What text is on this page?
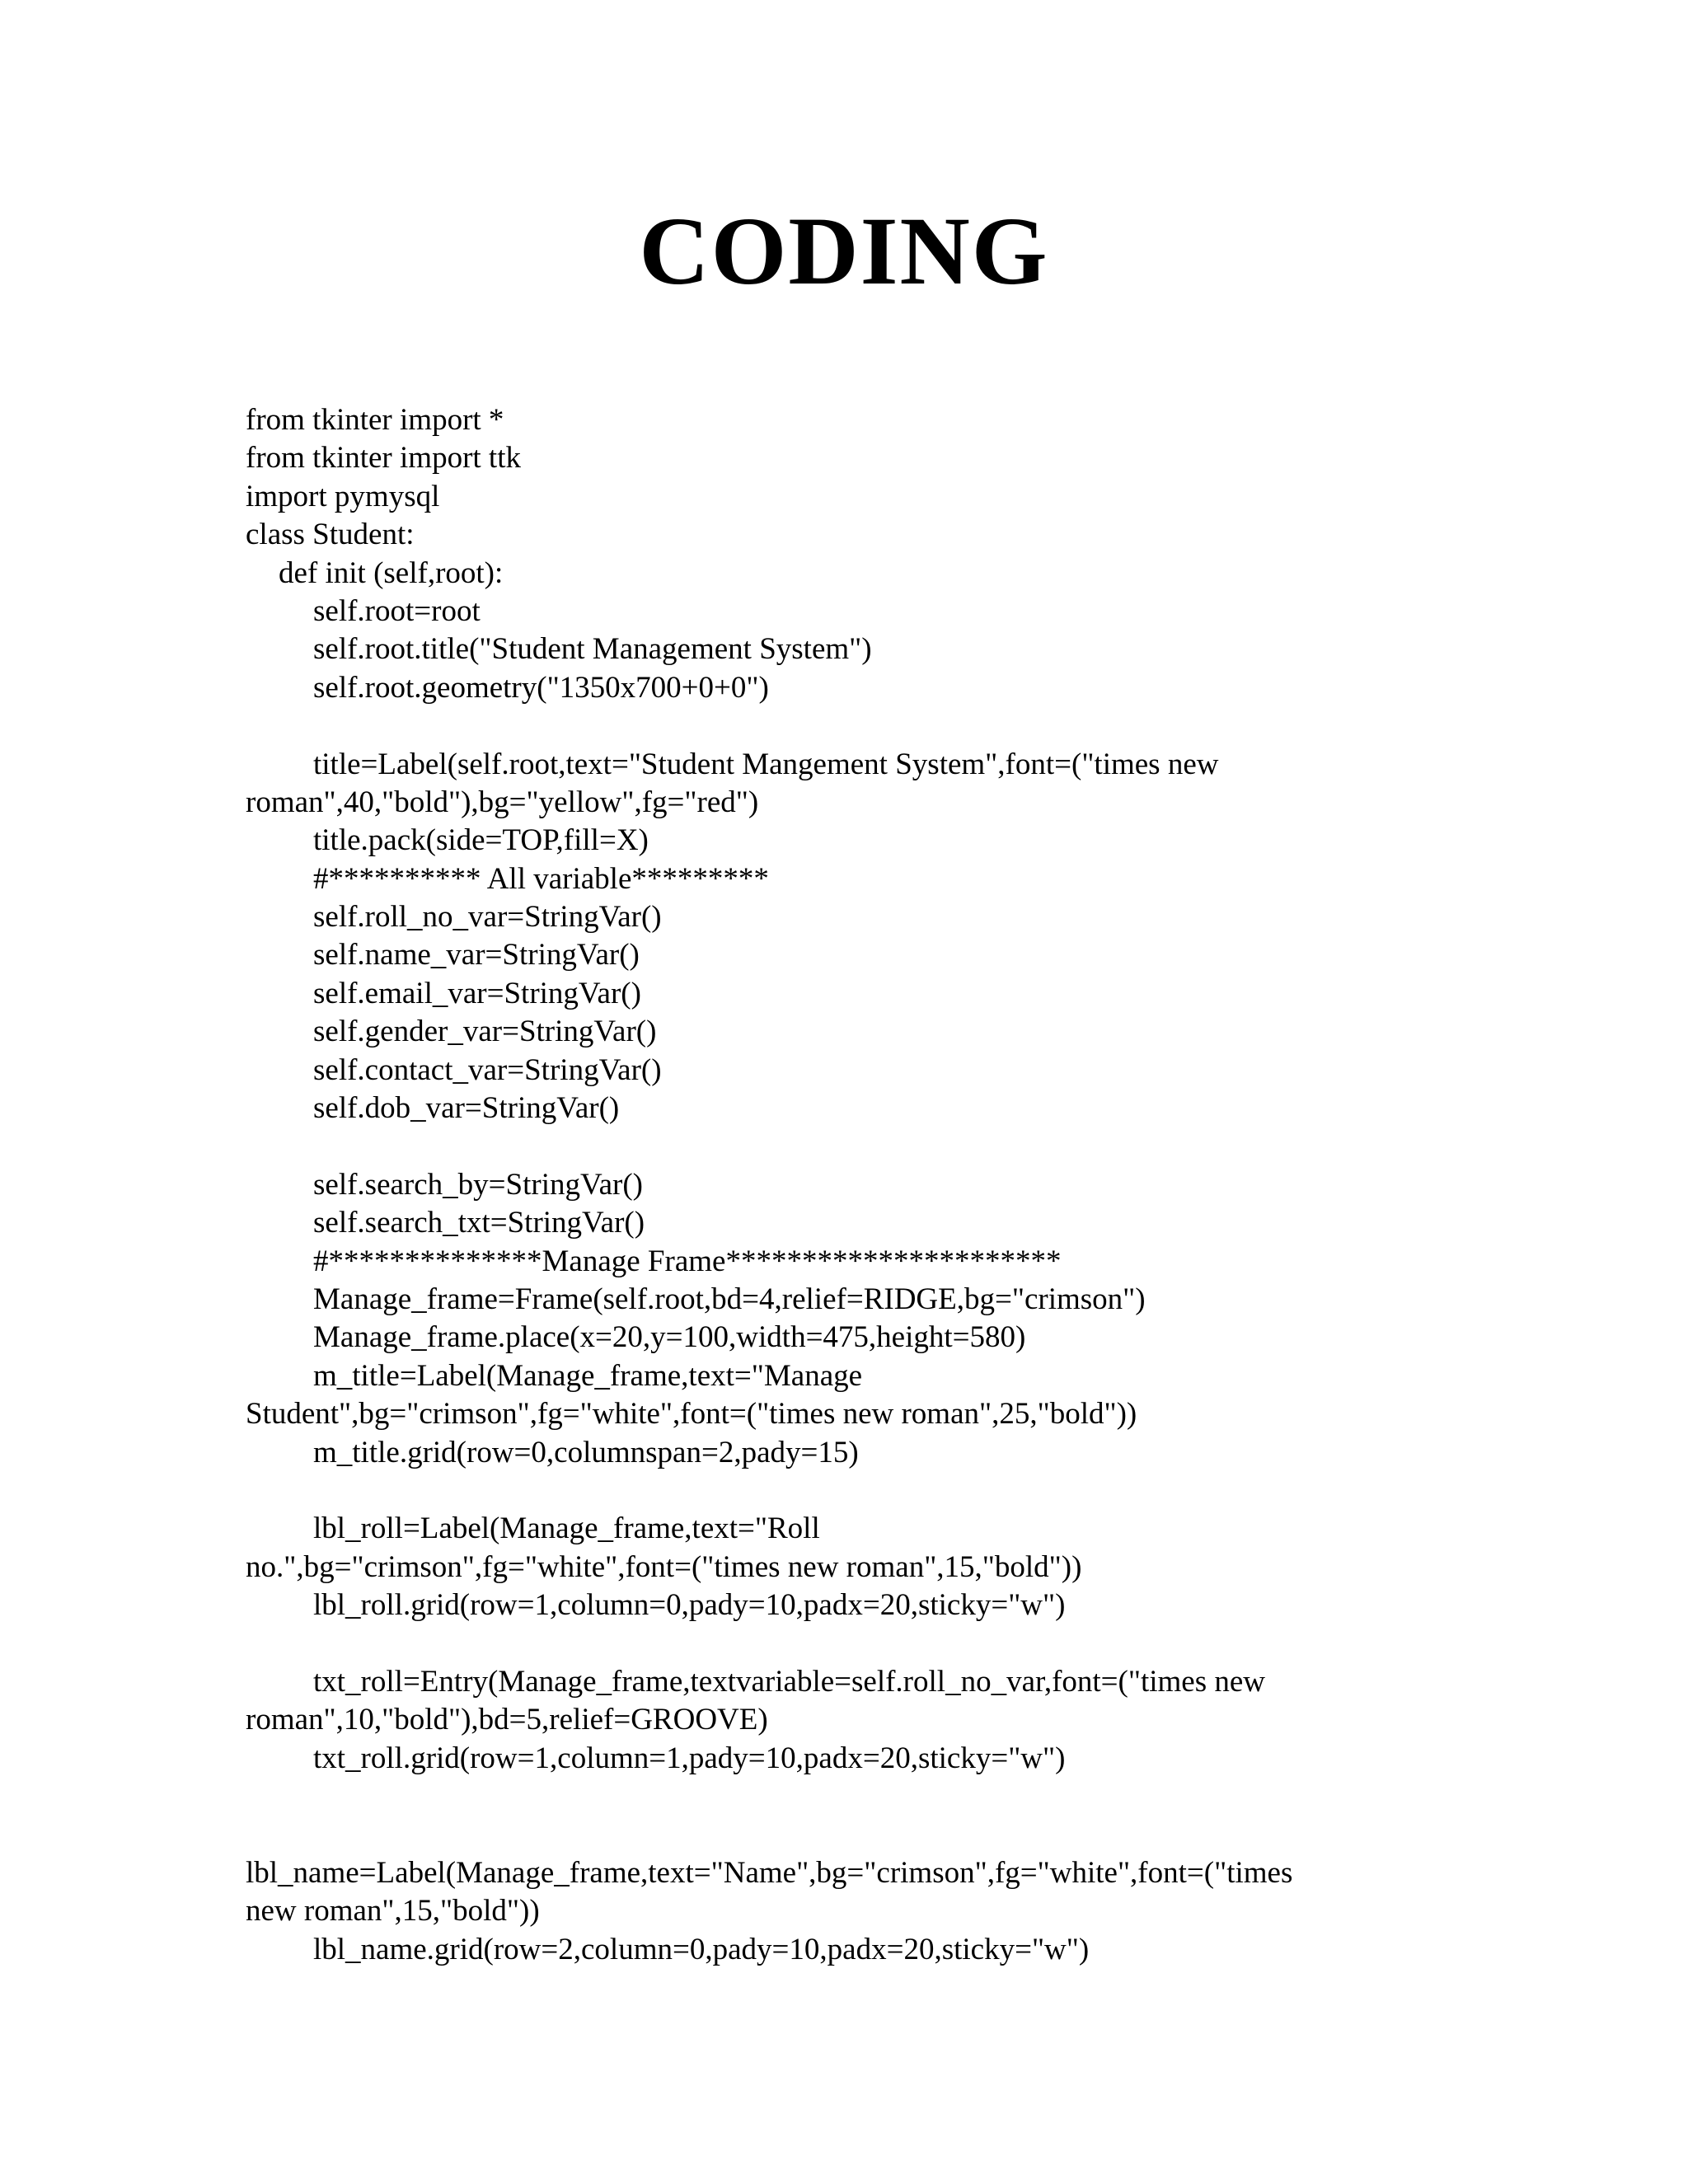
CODING
from tkinter import *
from tkinter import ttk
import pymysql
class Student:
def init (self,root):
self.root=root
self.root.title("Student Management System")
self.root.geometry("1350x700+0+0")
title=Label(self.root,text="Student Mangement System",font=("times new
roman",40,"bold"),bg="yellow",fg="red")
title.pack(side=TOP,fill=X)
#********** All variable*********
self.roll_no_var=StringVar()
self.name_var=StringVar()
self.email_var=StringVar()
self.gender_var=StringVar()
self.contact_var=StringVar()
self.dob_var=StringVar()
self.search_by=StringVar()
self.search_txt=StringVar()
#**************Manage Frame**********************
Manage_frame=Frame(self.root,bd=4,relief=RIDGE,bg="crimson")
Manage_frame.place(x=20,y=100,width=475,height=580)
m_title=Label(Manage_frame,text="Manage
Student",bg="crimson",fg="white",font=("times new roman",25,"bold"))
m_title.grid(row=0,columnspan=2,pady=15)
lbl_roll=Label(Manage_frame,text="Roll
no.",bg="crimson",fg="white",font=("times new roman",15,"bold"))
lbl_roll.grid(row=1,column=0,pady=10,padx=20,sticky="w")
txt_roll=Entry(Manage_frame,textvariable=self.roll_no_var,font=("times new
roman",10,"bold"),bd=5,relief=GROOVE)
txt_roll.grid(row=1,column=1,pady=10,padx=20,sticky="w")
lbl_name=Label(Manage_frame,text="Name",bg="crimson",fg="white",font=("times
new roman",15,"bold"))
lbl_name.grid(row=2,column=0,pady=10,padx=20,sticky="w")
